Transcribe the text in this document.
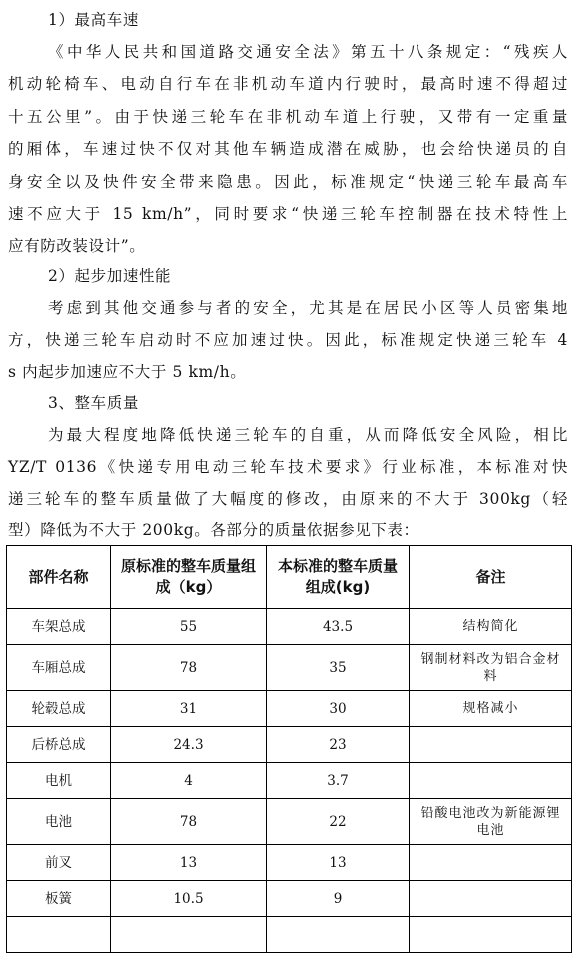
1）最高车速
《中华人民共和国道路交通安全法》第五十八条规定：“残疾人
机动轮椅车、电动自行车在非机动车道内行驶时，最高时速不得超过
十五公里”。由于快递三轮车在非机动车道上行驶，又带有一定重量
的厢体，车速过快不仅对其他车辆造成潜在威胁，也会给快递员的自
身安全以及快件安全带来隐患。因此，标准规定“快递三轮车最高车
速不应大于 15 km/h”，同时要求“快递三轮车控制器在技术特性上
应有防改装设计”。
2）起步加速性能
考虑到其他交通参与者的安全，尤其是在居民小区等人员密集地
方，快递三轮车启动时不应加速过快。因此，标准规定快递三轮车 4
s 内起步加速应不大于 5 km/h。
3、整车质量
为最大程度地降低快递三轮车的自重，从而降低安全风险，相比
YZ/T 0136《快递专用电动三轮车技术要求》行业标准，本标准对快
递三轮车的整车质量做了大幅度的修改，由原来的不大于 300kg（轻
型）降低为不大于 200kg。各部分的质量依据参见下表：
部件名称	原标准的整车质量组成（kg）	本标准的整车质量组成(kg)	备注
车架总成	55	43.5	结构简化
车厢总成	78	35	钢制材料改为铝合金材料
轮毂总成	31	30	规格减小
后桥总成	24.3	23	
电机	4	3.7	
电池	78	22	铅酸电池改为新能源锂电池
前叉	13	13	
板簧	10.5	9	
